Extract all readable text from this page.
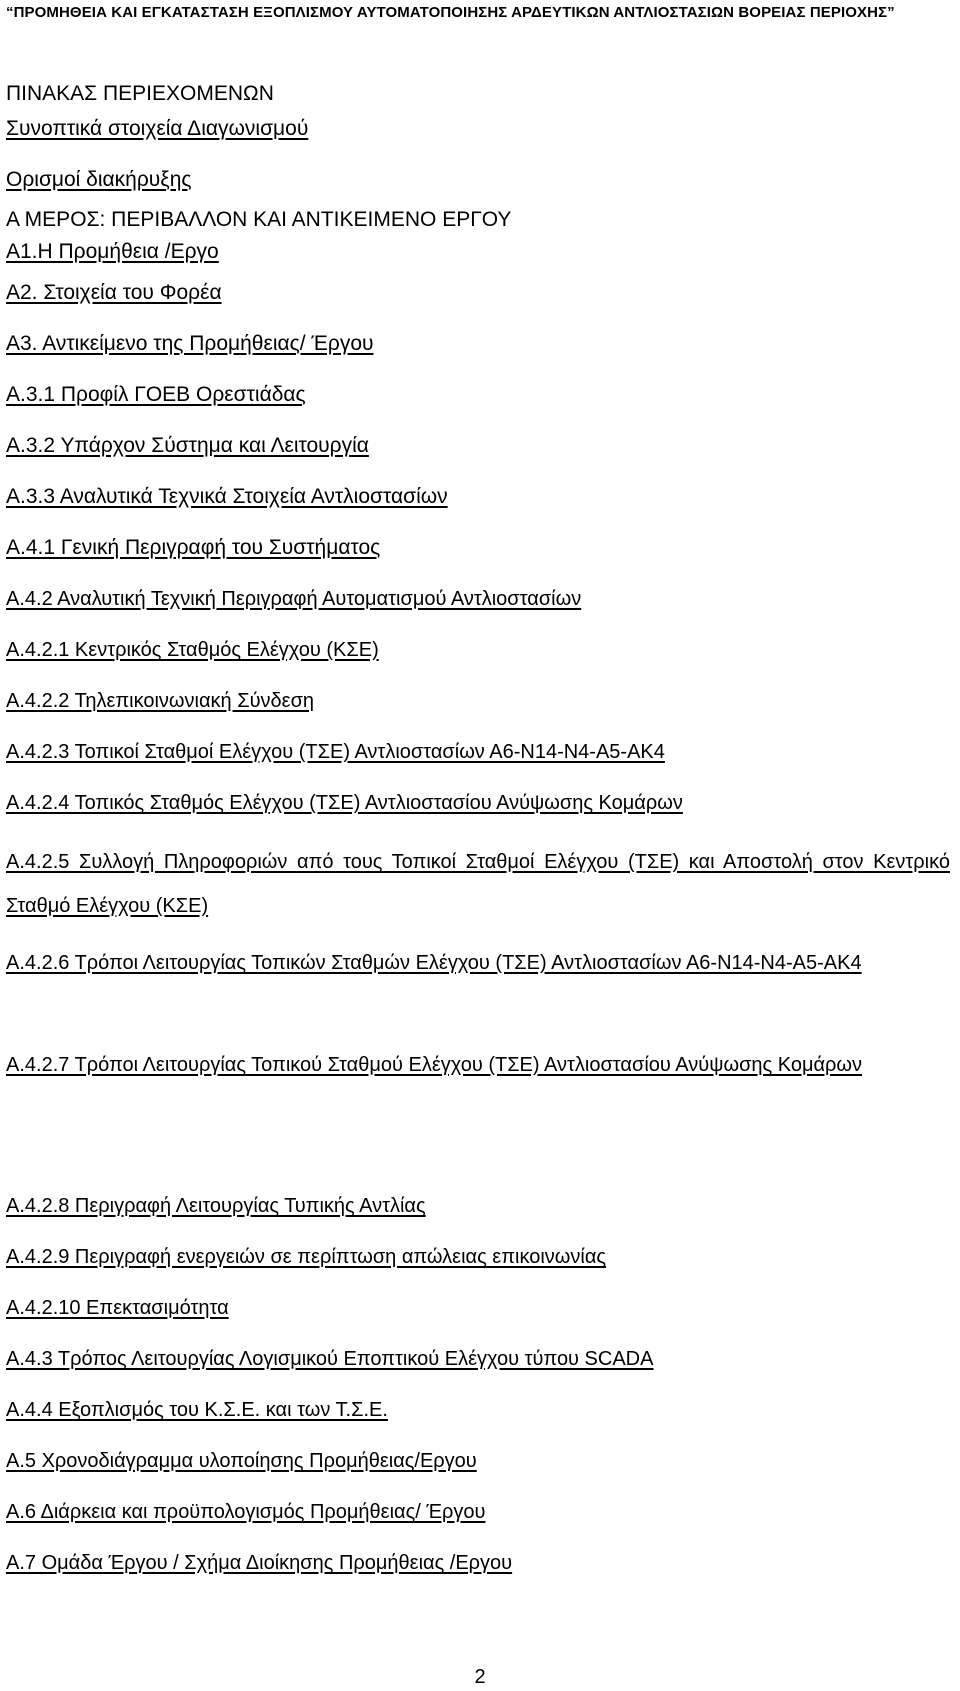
“ΠΡΟΜΗΘΕΙΑ ΚΑΙ ΕΓΚΑΤΑΣΤΑΣΗ ΕΞΟΠΛΙΣΜΟΥ ΑΥΤΟΜΑΤΟΠΟΙΗΣΗΣ ΑΡΔΕΥΤΙΚΩΝ ΑΝΤΛΙΟΣΤΑΣΙΩΝ ΒΟΡΕΙΑΣ ΠΕΡΙΟΧΗΣ”
ΠΙΝΑΚΑΣ ΠΕΡΙΕΧΟΜΕΝΩΝ
Συνοπτικά στοιχεία Διαγωνισμού
Ορισμοί διακήρυξης
Α ΜΕΡΟΣ: ΠΕΡΙΒΑΛΛΟΝ ΚΑΙ ΑΝΤΙΚΕΙΜΕΝΟ ΕΡΓΟΥ
Α1.Η Προμήθεια /Εργο
Α2. Στοιχεία του Φορέα
Α3. Αντικείμενο της Προμήθειας/ Έργου
Α.3.1 Προφίλ ΓΟΕΒ Ορεστιάδας
Α.3.2 Υπάρχον Σύστημα και Λειτουργία
Α.3.3 Αναλυτικά Τεχνικά Στοιχεία Αντλιοστασίων
Α.4.1 Γενική Περιγραφή του Συστήματος
Α.4.2 Αναλυτική Τεχνική Περιγραφή Αυτοματισμού Αντλιοστασίων
Α.4.2.1 Κεντρικός Σταθμός Ελέγχου (ΚΣΕ)
Α.4.2.2 Τηλεπικοινωνιακή Σύνδεση
Α.4.2.3 Τοπικοί Σταθμοί Ελέγχου (ΤΣΕ) Αντλιοστασίων Α6-Ν14-Ν4-Α5-ΑΚ4
Α.4.2.4 Τοπικός Σταθμός Ελέγχου (ΤΣΕ) Αντλιοστασίου Ανύψωσης Κομάρων
Α.4.2.5 Συλλογή Πληροφοριών από τους Τοπικοί Σταθμοί Ελέγχου (ΤΣΕ) και Αποστολή στον Κεντρικό Σταθμό Ελέγχου (ΚΣΕ)
Α.4.2.6 Τρόποι Λειτουργίας Τοπικών Σταθμών Ελέγχου (ΤΣΕ) Αντλιοστασίων Α6-Ν14-Ν4-Α5-ΑΚ4
Α.4.2.7 Τρόποι Λειτουργίας Τοπικού Σταθμού Ελέγχου (ΤΣΕ) Αντλιοστασίου Ανύψωσης Κομάρων
Α.4.2.8 Περιγραφή Λειτουργίας Τυπικής Αντλίας
Α.4.2.9 Περιγραφή ενεργειών σε περίπτωση απώλειας επικοινωνίας
Α.4.2.10 Επεκτασιμότητα
Α.4.3 Τρόπος Λειτουργίας Λογισμικού Εποπτικού Ελέγχου τύπου SCADA
Α.4.4 Εξοπλισμός του Κ.Σ.Ε. και των Τ.Σ.Ε.
Α.5 Χρονοδιάγραμμα υλοποίησης Προμήθειας/Εργου
Α.6 Διάρκεια και προϋπολογισμός Προμήθειας/ Έργου
Α.7 Ομάδα Έργου / Σχήμα Διοίκησης Προμήθειας /Εργου
2
